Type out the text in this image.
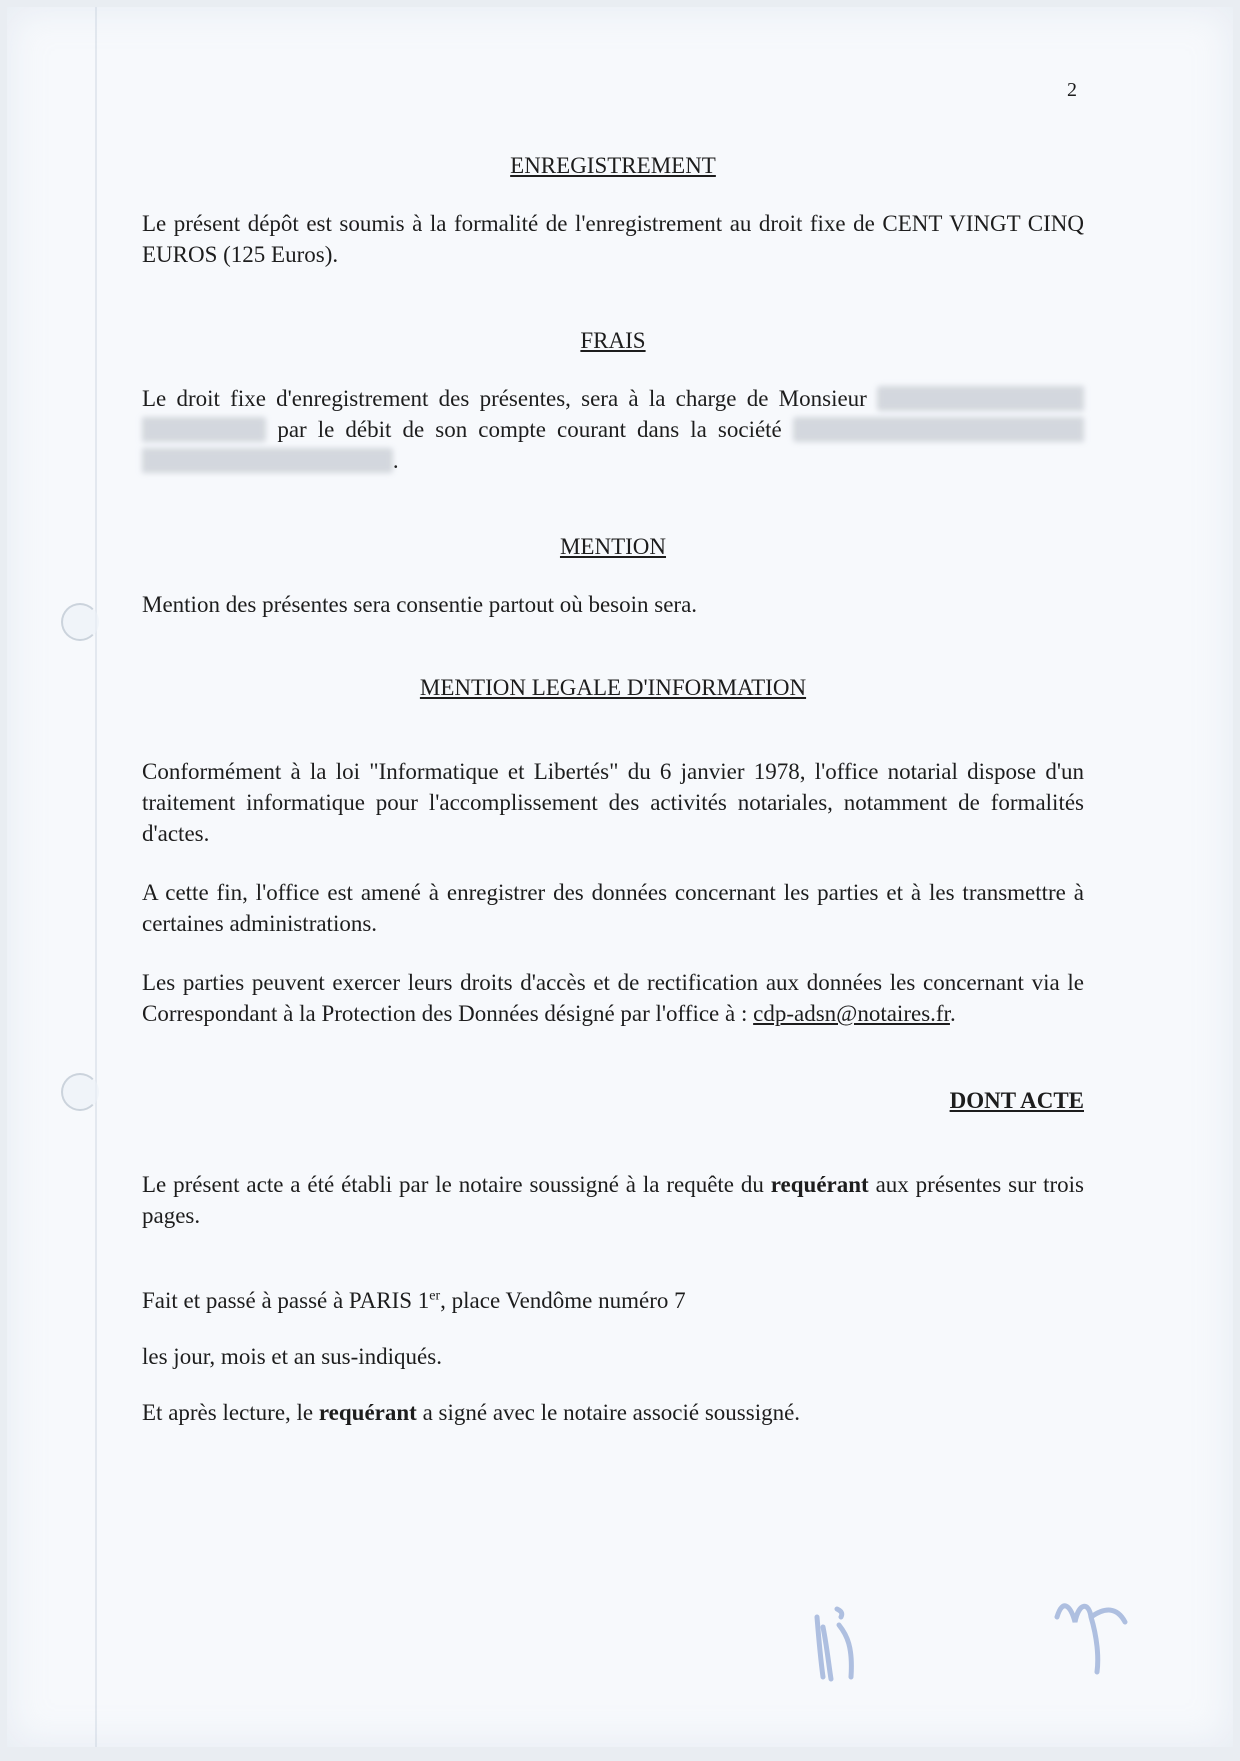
2
ENREGISTREMENT

Le présent dépôt est soumis à la formalité de l'enregistrement au droit fixe de CENT VINGT CINQ EUROS (125 Euros).

FRAIS

Le droit fixe d'enregistrement des présentes, sera à la charge de Monsieur par le débit de son compte courant dans la société .

MENTION

Mention des présentes sera consentie partout où besoin sera.

MENTION LEGALE D'INFORMATION

Conformément à la loi "Informatique et Libertés" du 6 janvier 1978, l'office notarial dispose d'un traitement informatique pour l'accomplissement des activités notariales, notamment de formalités d'actes.

A cette fin, l'office est amené à enregistrer des données concernant les parties et à les transmettre à certaines administrations.

Les parties peuvent exercer leurs droits d'accès et de rectification aux données les concernant via le Correspondant à la Protection des Données désigné par l'office à : cdp-adsn@notaires.fr.

DONT ACTE

Le présent acte a été établi par le notaire soussigné à la requête du requérant aux présentes sur trois pages.

Fait et passé à passé à PARIS 1er, place Vendôme numéro 7

les jour, mois et an sus-indiqués.

Et après lecture, le requérant a signé avec le notaire associé soussigné.
